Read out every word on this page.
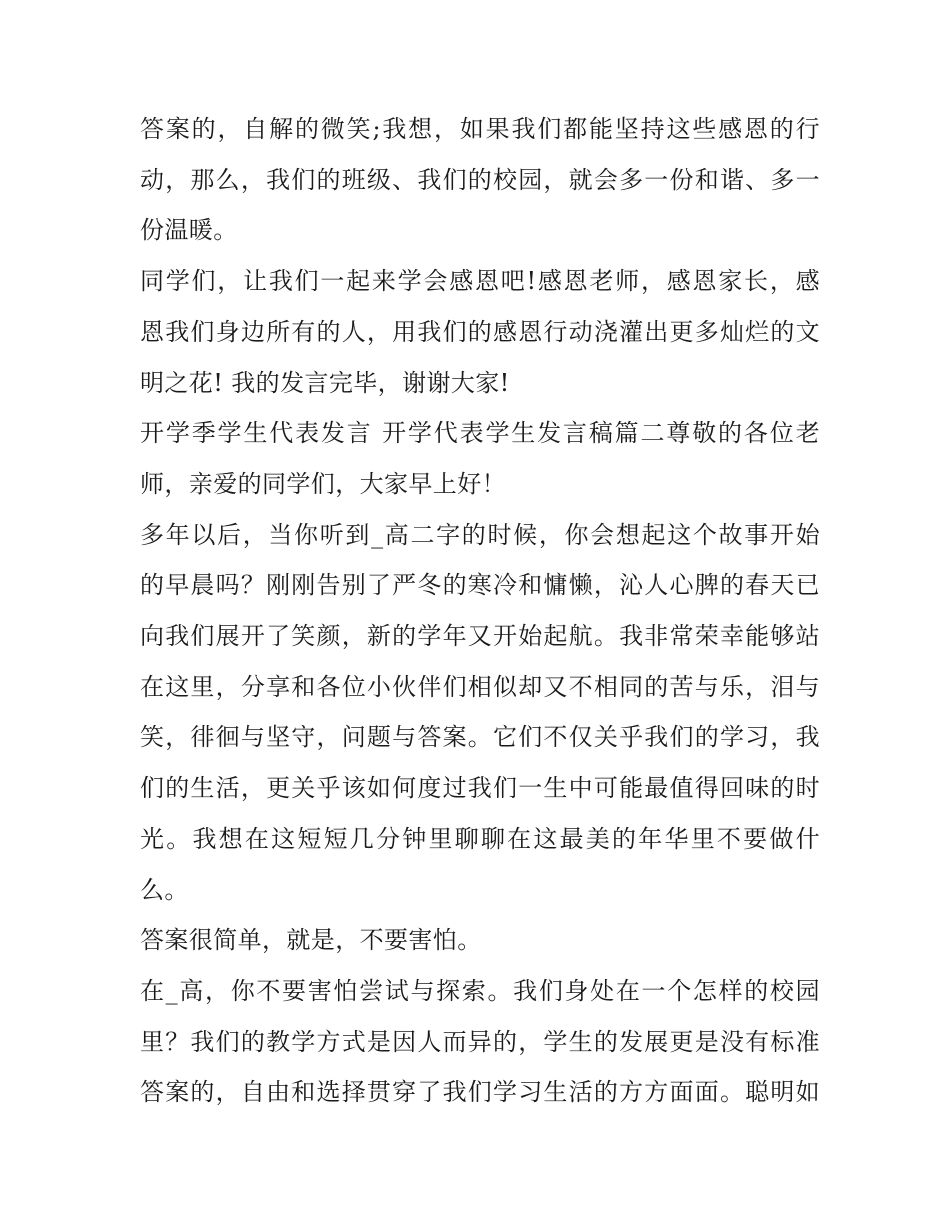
答案的，自解的微笑;我想，如果我们都能坚持这些感恩的行
动，那么，我们的班级、我们的校园，就会多一份和谐、多一
份温暖。

同学们，让我们一起来学会感恩吧!感恩老师，感恩家长，感
恩我们身边所有的人，用我们的感恩行动浇灌出更多灿烂的文
明之花! 我的发言完毕，谢谢大家!

开学季学生代表发言 开学代表学生发言稿篇二尊敬的各位老
师，亲爱的同学们，大家早上好！

多年以后，当你听到_高二字的时候，你会想起这个故事开始
的早晨吗？刚刚告别了严冬的寒冷和慵懒，沁人心脾的春天已
向我们展开了笑颜，新的学年又开始起航。我非常荣幸能够站
在这里，分享和各位小伙伴们相似却又不相同的苦与乐，泪与
笑，徘徊与坚守，问题与答案。它们不仅关乎我们的学习，我
们的生活，更关乎该如何度过我们一生中可能最值得回味的时
光。我想在这短短几分钟里聊聊在这最美的年华里不要做什
么。

答案很简单，就是，不要害怕。

在_高，你不要害怕尝试与探索。我们身处在一个怎样的校园
里？我们的教学方式是因人而异的，学生的发展更是没有标准
答案的，自由和选择贯穿了我们学习生活的方方面面。聪明如
